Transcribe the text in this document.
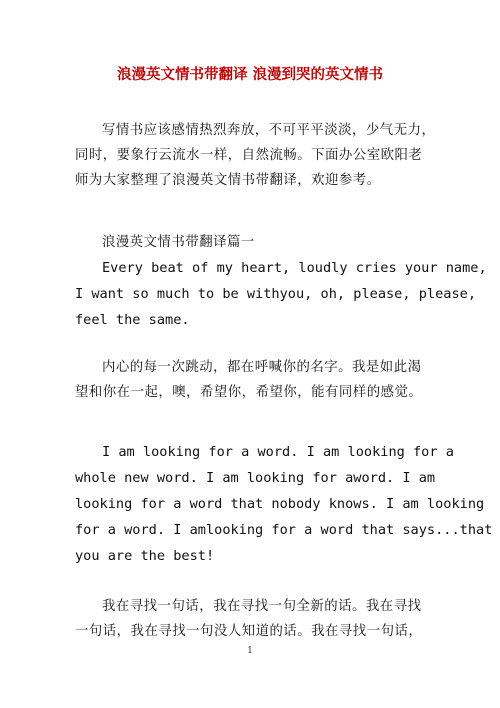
浪漫英文情书带翻译 浪漫到哭的英文情书
写情书应该感情热烈奔放，不可平平淡淡，少气无力，
同时，要象行云流水一样，自然流畅。下面办公室欧阳老
师为大家整理了浪漫英文情书带翻译，欢迎参考。
浪漫英文情书带翻译篇一
Every beat of my heart, loudly cries your name,
I want so much to be withyou, oh, please, please,
feel the same.
内心的每一次跳动，都在呼喊你的名字。我是如此渴
望和你在一起，噢，希望你，希望你，能有同样的感觉。
I am looking for a word. I am looking for a
whole new word. I am looking for aword. I am
looking for a word that nobody knows. I am looking
for a word. I amlooking for a word that says...that
you are the best!
我在寻找一句话，我在寻找一句全新的话。我在寻找
一句话，我在寻找一句没人知道的话。我在寻找一句话，
1
